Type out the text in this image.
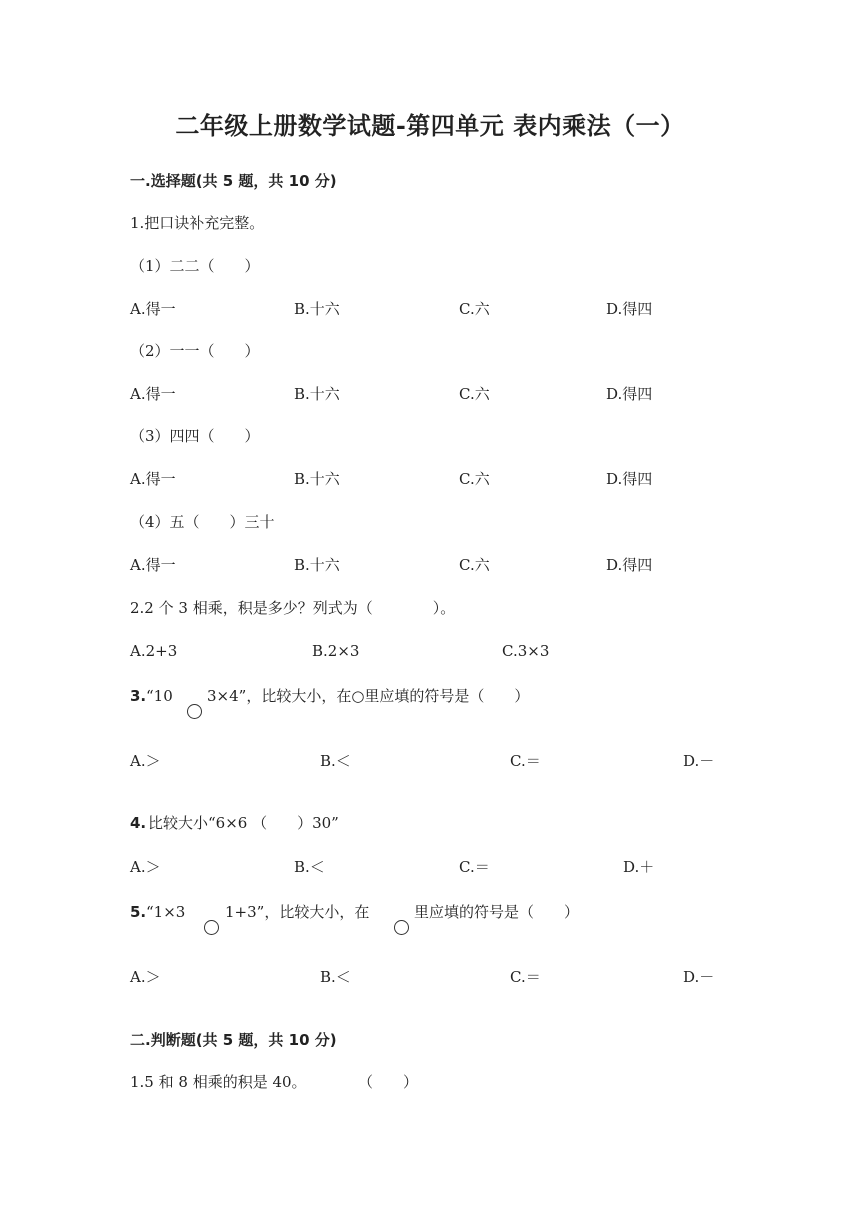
二年级上册数学试题-第四单元 表内乘法（一）
一.选择题(共 5 题，共 10 分)
1.把口诀补充完整。
（1）二二（　　）
A.得一	B.十六	C.六	D.得四
（2）一一（　　）
A.得一	B.十六	C.六	D.得四
（3）四四（　　）
A.得一	B.十六	C.六	D.得四
（4）五（　　）三十
A.得一	B.十六	C.六	D.得四
2.2 个 3 相乘，积是多少？列式为（　　　　）。
A.2+3	B.2×3	C.3×3
3. “10 3×4”，比较大小，在○里应填的符号是（　　）
A.＞	B.＜	C.＝	D.－
4. 比较大小“6×6 （　　）30”
A.＞	B.＜	C.＝	D.＋
5. “1×3	1+3”，比较大小，在	里应填的符号是（　　）
A.＞	B.＜	C.＝	D.－
二.判断题(共 5 题，共 10 分)
1.5 和 8 相乘的积是 40。	（　　）
